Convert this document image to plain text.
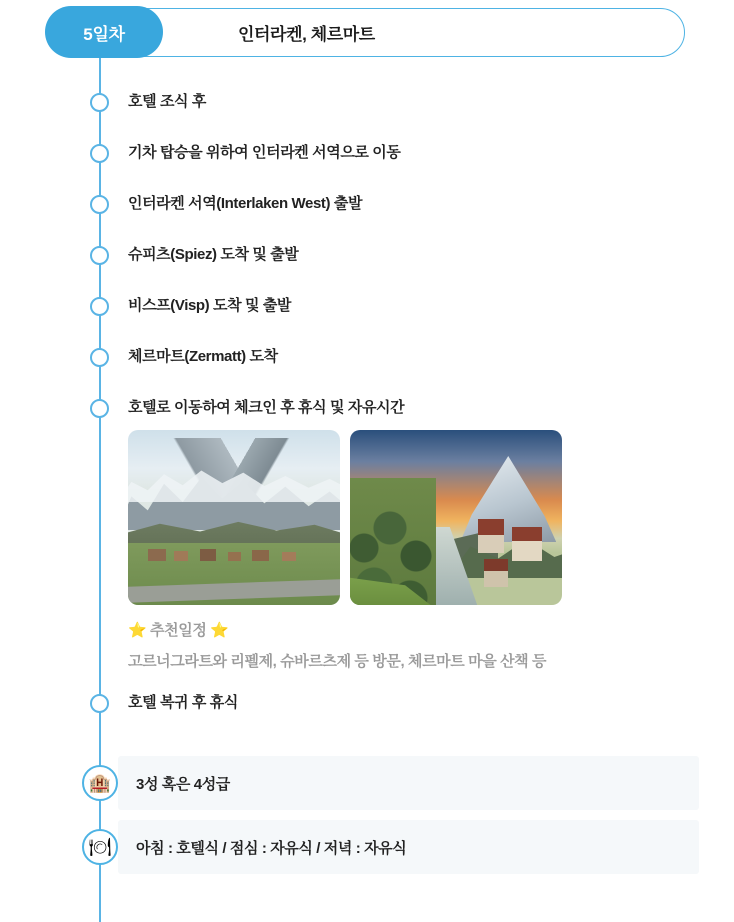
인터라켄, 체르마트
5일차
호텔 조식 후
기차 탑승을 위하여 인터라켄 서역으로 이동
인터라켄 서역(Interlaken West) 출발
슈피츠(Spiez) 도착 및 출발
비스프(Visp) 도착 및 출발
체르마트(Zermatt) 도착
호텔로 이동하여 체크인 후 휴식 및 자유시간
⭐ 추천일정 ⭐
고르너그라트와 리펠제, 슈바르츠제 등 방문, 체르마트 마을 산책 등
호텔 복귀 후 휴식
🏨	3성 혹은 4성급
🍽	아침 : 호텔식 / 점심 : 자유식 / 저녁 : 자유식
